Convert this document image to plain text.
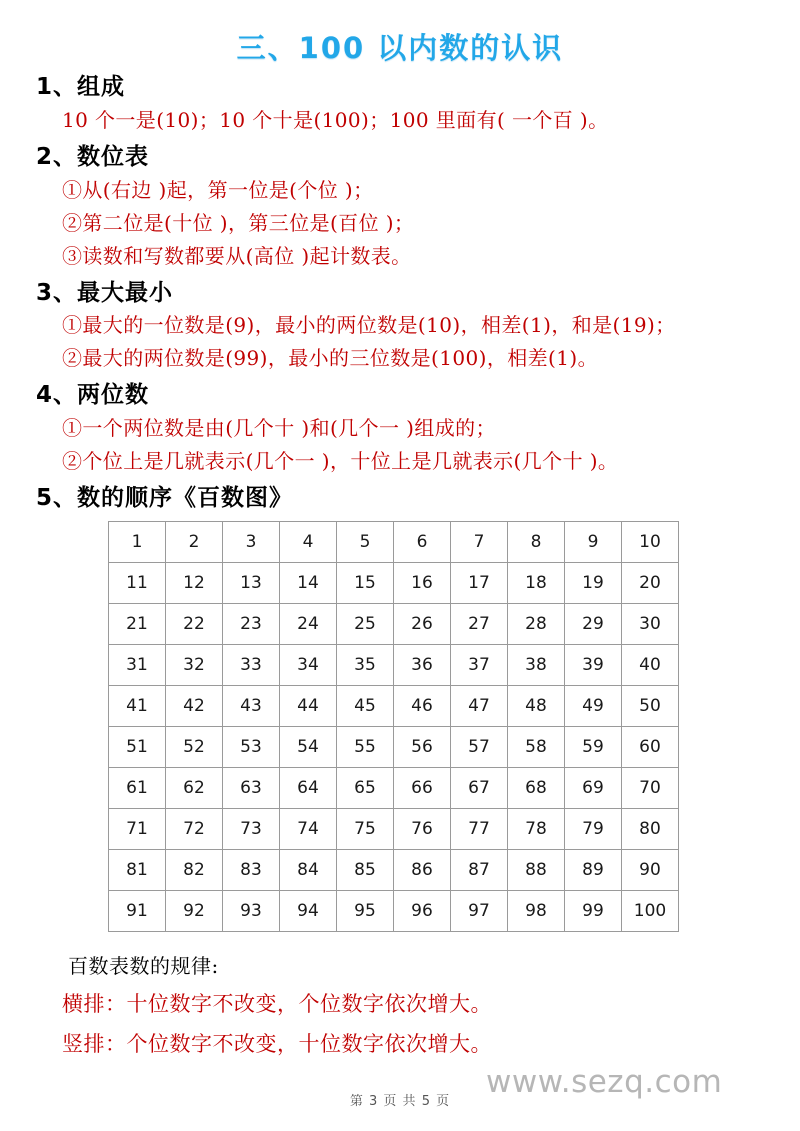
三、100 以内数的认识
1、组成

10 个一是(10)；10 个十是(100)；100 里面有( 一个百 )。

2、数位表

①从(右边 )起，第一位是(个位 )；

②第二位是(十位 )，第三位是(百位 )；

③读数和写数都要从(高位 )起计数表。

3、最大最小

①最大的一位数是(9)，最小的两位数是(10)，相差(1)，和是(19)；

②最大的两位数是(99)，最小的三位数是(100)，相差(1)。

4、两位数

①一个两位数是由(几个十 )和(几个一 )组成的；

②个位上是几就表示(几个一 )，十位上是几就表示(几个十 )。

5、数的顺序《百数图》
1	2	3	4	5	6	7	8	9	10
11	12	13	14	15	16	17	18	19	20
21	22	23	24	25	26	27	28	29	30
31	32	33	34	35	36	37	38	39	40
41	42	43	44	45	46	47	48	49	50
51	52	53	54	55	56	57	58	59	60
61	62	63	64	65	66	67	68	69	70
71	72	73	74	75	76	77	78	79	80
81	82	83	84	85	86	87	88	89	90
91	92	93	94	95	96	97	98	99	100

百数表数的规律:

横排：十位数字不改变，个位数字依次增大。

竖排：个位数字不改变，十位数字依次增大。

www.sezq.com
第 3 页 共 5 页
